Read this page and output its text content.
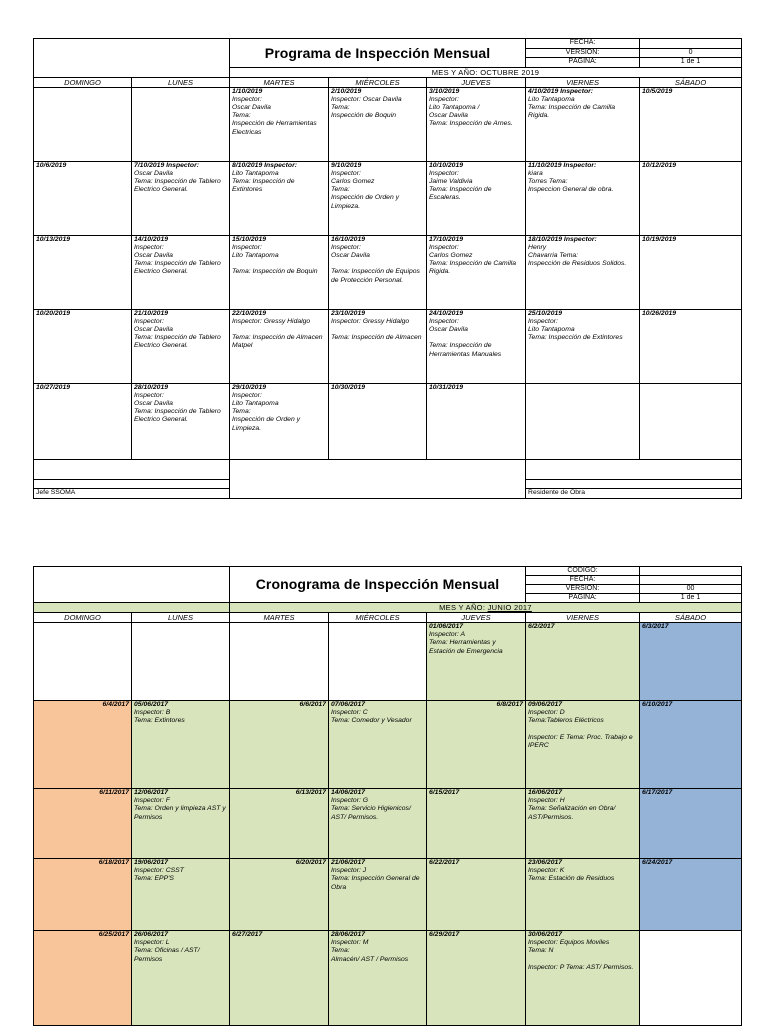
		Programa de Inspección Mensual			FECHA:	
					VERSIÓN:	0
					PÁGINA:	1 de 1
		MES Y AÑO: OCTUBRE 2019				
DOMINGO	LUNES	MARTES	MIÉRCOLES	JUEVES	VIERNES	SÁBADO
		1/10/2019
Inspector:
Oscar Davila
Tema:
Inspección de Herramientas Electricas	2/10/2019
Inspector: Oscar Davila
Tema:
Inspección de Boquin	3/10/2019
Inspector:
Lito Tantapoma /
Oscar Davila
Tema: Inspección de Arnes.	4/10/2019 Inspector:
Lito Tantapoma
Tema: Inspección de Camilla Rigida.	10/5/2019
10/6/2019	7/10/2019 Inspector:
Oscar Davila
Tema: Inspección de Tablero Electrico General.	8/10/2019 Inspector:
Lito Tantapoma
Tema: Inspección de Extintores	9/10/2019
Inspector:
Carlos Gomez
Tema:
Inspección de Orden y Limpieza.	10/10/2019
Inspector:
Jaime Valdivia
Tema: Inspección de Escaleras.	11/10/2019 Inspector:
kiara
Torres Tema:
Inspeccion General de obra.	10/12/2019
10/13/2019	14/10/2019
Inspector:
Oscar Davila
Tema: Inspección de Tablero Electrico General.	15/10/2019
Inspector:
Lito Tantapoma

Tema: Inspección de Boquin	16/10/2019
Inspector:
Oscar Davila

Tema: Inspección de Equipos de Protección Personal.	17/10/2019
Inspector:
Carlos Gomez
Tema: Inspección de Camilla Rigida.	18/10/2019 Inspector:
Henry
Chavarria Tema:
Inspección de Residuos Solidos.	10/19/2019
10/20/2019	21/10/2019
Inspector:
Oscar Davila
Tema: Inspección de Tablero Electrico General.	22/10/2019
Inspector: Gressy Hidalgo

Tema: Inspección de Almacen Matpel	23/10/2019
Inspector: Gressy Hidalgo

Tema: Inspección de Almacen	24/10/2019
Inspector:
Oscar Davila

Tema: Inspección de Herramientas Manuales	25/10/2019
Inspector:
Lito Tantapoma
Tema: Inspección de Extintores	10/26/2019
10/27/2019	28/10/2019
Inspector:
Oscar Davila
Tema: Inspección de Tablero Electrico General.	29/10/2019
Inspector:
Lito Tantapoma
Tema:
Inspección de Orden y Limpieza.	10/30/2019	10/31/2019		

Jefe SSOMA					Residente de Obra	
		Cronograma de Inspección Mensual			CÓDIGO:	
					FECHA:	
					VERSIÓN:	00
					PÁGINA:	1 de 1
		MES Y AÑO: JUNIO 2017				
DOMINGO	LUNES	MARTES	MIÉRCOLES	JUEVES	VIERNES	SÁBADO
				01/06/2017
Inspector: A
Tema: Herramientas y Estación de Emergencia	6/2/2017	6/3/2017
6/4/2017	05/06/2017
Inspector: B
Tema: Extintores	6/6/2017	07/06/2017
Inspector: C
Tema: Comedor y Vesador	6/8/2017	09/06/2017
Inspector: D
Tema:Tableros Eléctricos
Inspector: E Tema: Proc. Trabajo e IPERC	6/10/2017
6/11/2017	12/06/2017
Inspector: F
Tema: Orden y limpieza AST y Permisos	6/13/2017	14/06/2017
Inspector: G
Tema: Servicio Higienicos/ AST/ Permisos.	6/15/2017	16/06/2017
Inspector: H
Tema: Señalización en Obra/ AST/Permisos.	6/17/2017
6/18/2017	19/06/2017
Inspector: CSST
Tema: EPP'S	6/20/2017	21/06/2017
Inspector: J
Tema: Inspección General de Obra	6/22/2017	23/06/2017
Inspector: K
Tema: Estación de Residuos	6/24/2017
6/25/2017	26/06/2017
Inspector: L
Tema: Oficinas / AST/ Permisos	6/27/2017	28/06/2017
Inspector: M
Tema:
Almacén/ AST / Permisos	6/29/2017	30/06/2017
Inspector: Equipos Moviles
Tema: N
Inspector: P Tema: AST/ Permisos.	
